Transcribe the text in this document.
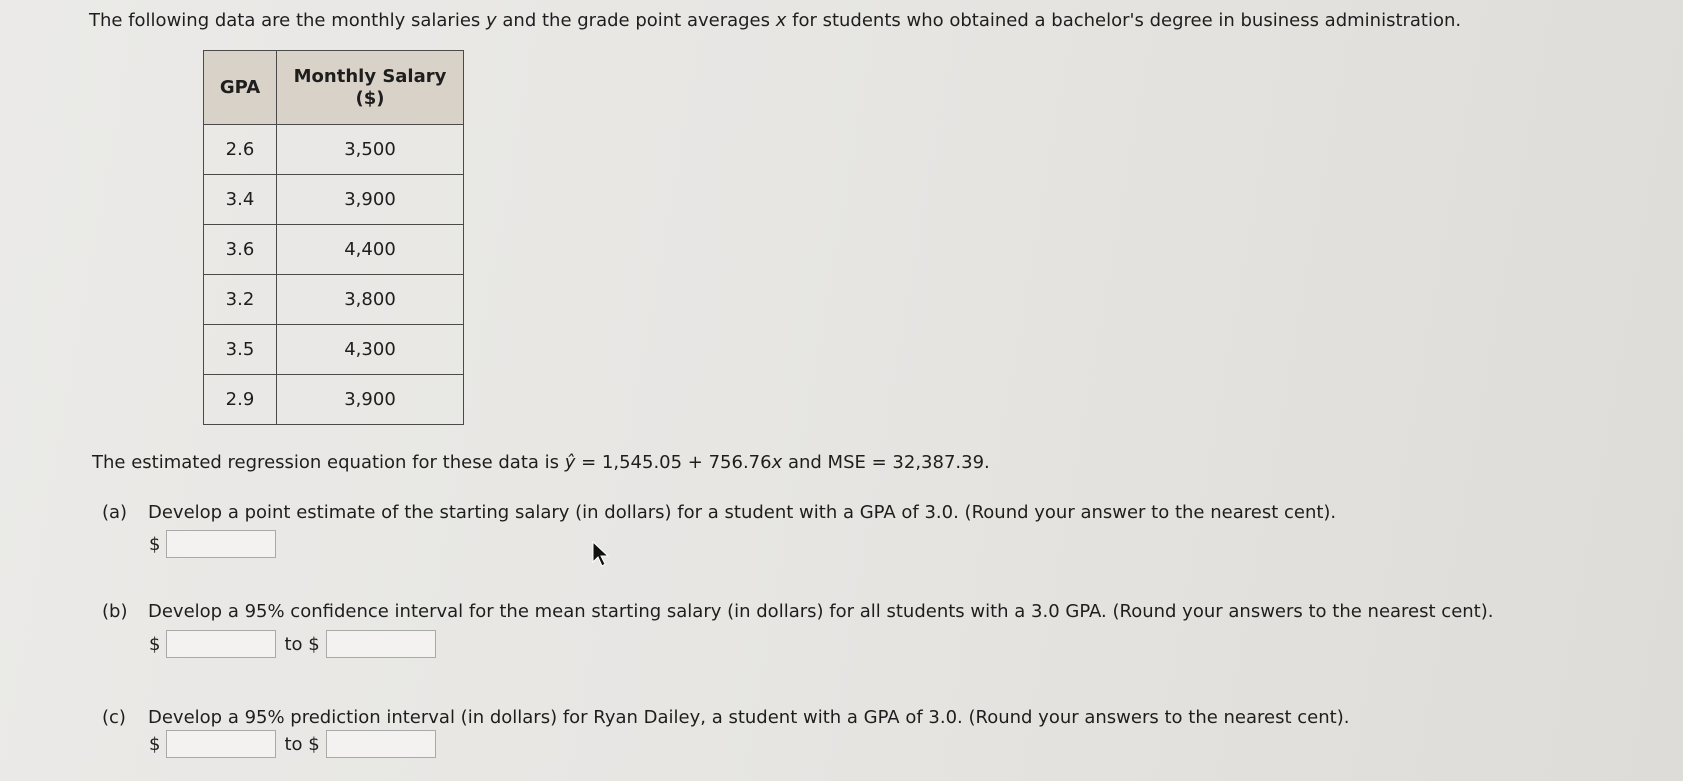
The following data are the monthly salaries y and the grade point averages x for students who obtained a bachelor's degree in business administration.
GPA	Monthly Salary
($)

2.6	3,500
3.4	3,900
3.6	4,400
3.2	3,800
3.5	4,300
2.9	3,900
The estimated regression equation for these data is ŷ = 1,545.05 + 756.76x and MSE = 32,387.39.
(a) Develop a point estimate of the starting salary (in dollars) for a student with a GPA of 3.0. (Round your answer to the nearest cent).
$
(b) Develop a 95% confidence interval for the mean starting salary (in dollars) for all students with a 3.0 GPA. (Round your answers to the nearest cent).
$	to $
(c) Develop a 95% prediction interval (in dollars) for Ryan Dailey, a student with a GPA of 3.0. (Round your answers to the nearest cent).
$	to $
